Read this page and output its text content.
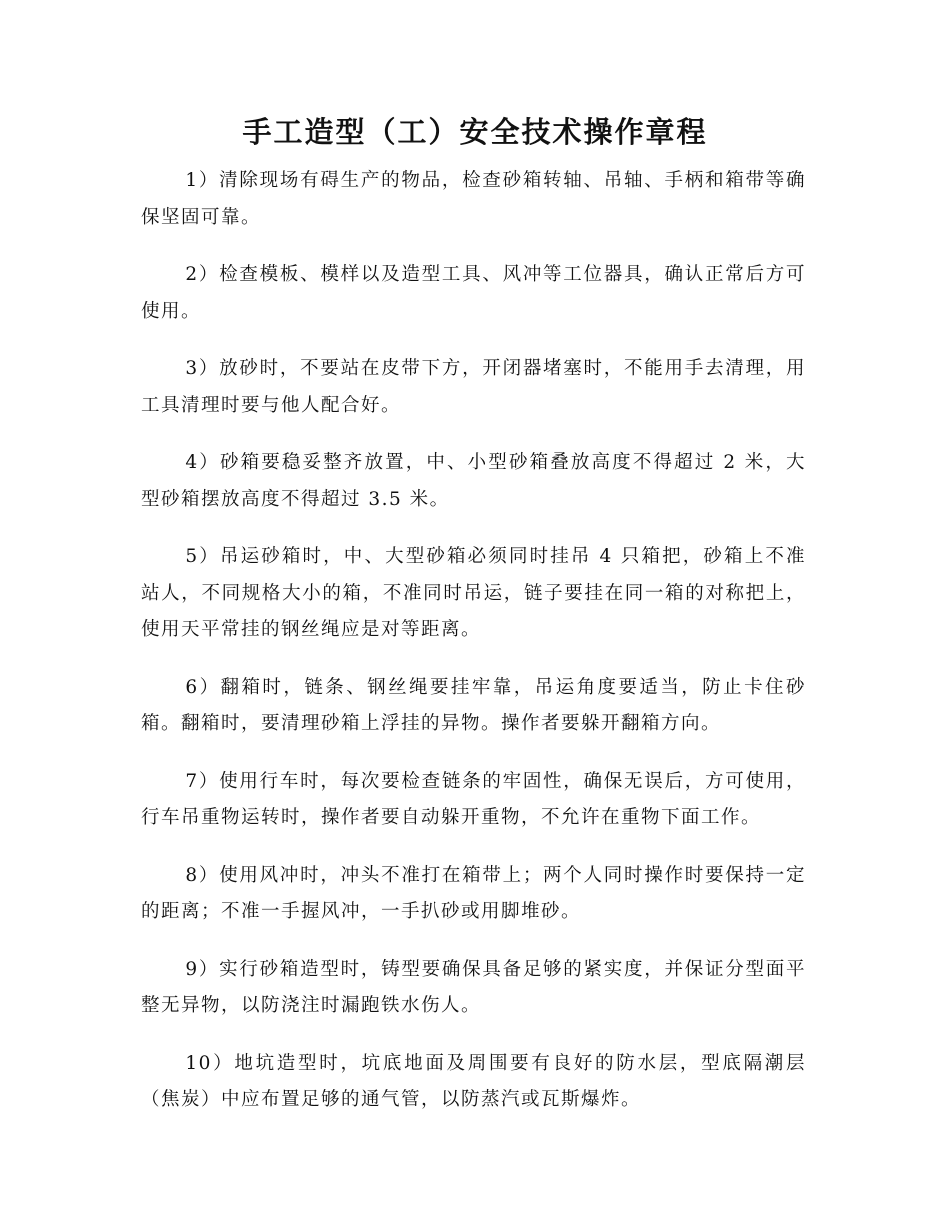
手工造型（工）安全技术操作章程

1）清除现场有碍生产的物品，检查砂箱转轴、吊轴、手柄和箱带等确保坚固可靠。

2）检查模板、模样以及造型工具、风冲等工位器具，确认正常后方可使用。

3）放砂时，不要站在皮带下方，开闭器堵塞时，不能用手去清理，用工具清理时要与他人配合好。

4）砂箱要稳妥整齐放置，中、小型砂箱叠放高度不得超过 2 米，大型砂箱摆放高度不得超过 3.5 米。

5）吊运砂箱时，中、大型砂箱必须同时挂吊 4 只箱把，砂箱上不准站人，不同规格大小的箱，不准同时吊运，链子要挂在同一箱的对称把上，使用天平常挂的钢丝绳应是对等距离。

6）翻箱时，链条、钢丝绳要挂牢靠，吊运角度要适当，防止卡住砂箱。翻箱时，要清理砂箱上浮挂的异物。操作者要躲开翻箱方向。

7）使用行车时，每次要检查链条的牢固性，确保无误后，方可使用，行车吊重物运转时，操作者要自动躲开重物，不允许在重物下面工作。

8）使用风冲时，冲头不准打在箱带上；两个人同时操作时要保持一定的距离；不准一手握风冲，一手扒砂或用脚堆砂。

9）实行砂箱造型时，铸型要确保具备足够的紧实度，并保证分型面平整无异物，以防浇注时漏跑铁水伤人。

10）地坑造型时，坑底地面及周围要有良好的防水层，型底隔潮层（焦炭）中应布置足够的通气管，以防蒸汽或瓦斯爆炸。
